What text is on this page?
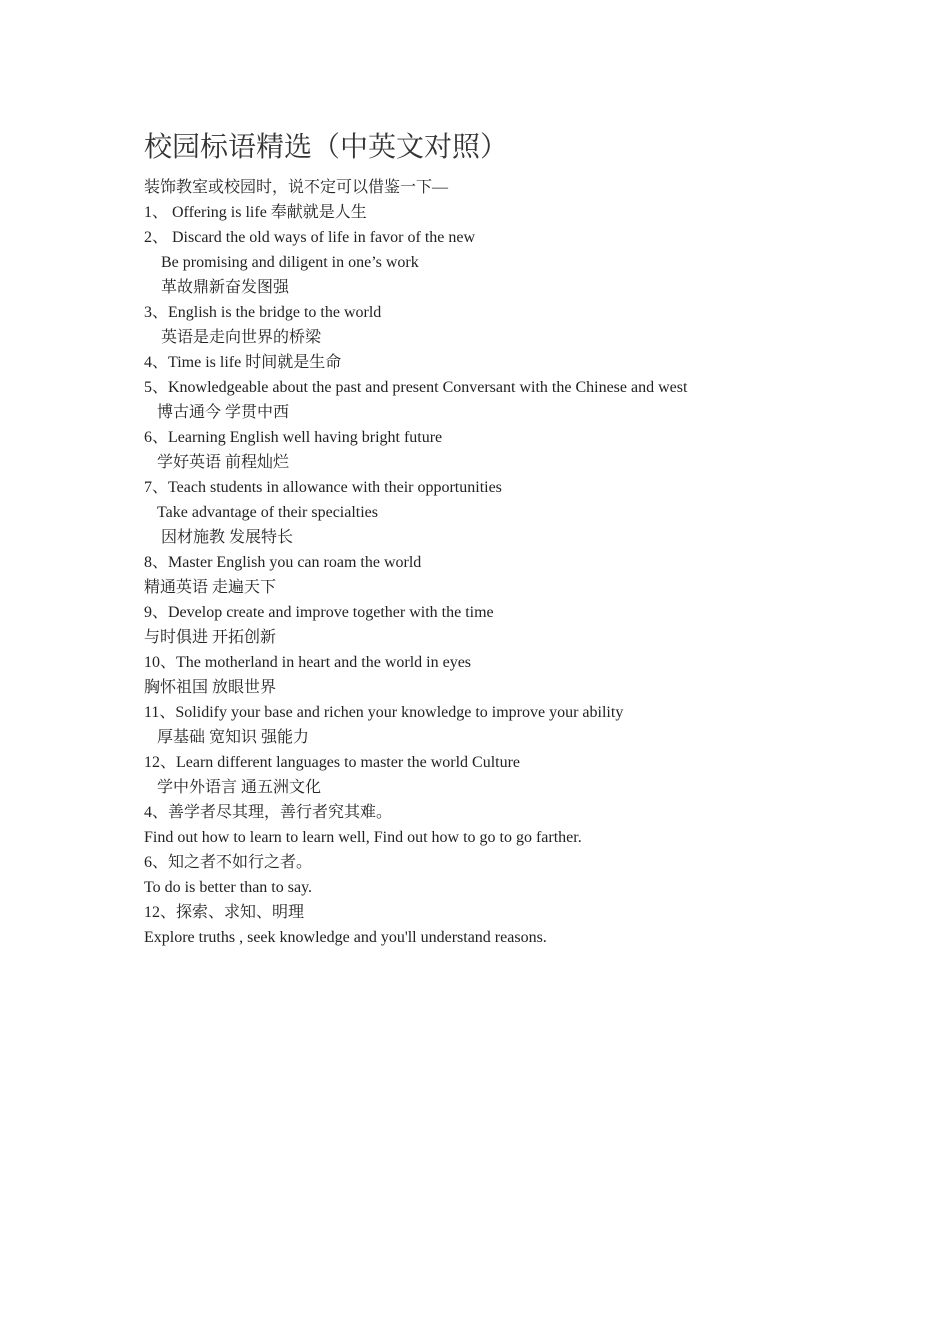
校园标语精选（中英文对照）
装饰教室或校园时，说不定可以借鉴一下—
1、 Offering is life 奉献就是人生
2、 Discard the old ways of life in favor of the new
Be promising and diligent in one’s work
革故鼎新奋发图强
3、English is the bridge to the world
英语是走向世界的桥梁
4、Time is life 时间就是生命
5、Knowledgeable about the past and present Conversant with the Chinese and west
博古通今 学贯中西
6、Learning English well having bright future
学好英语 前程灿烂
7、Teach students in allowance with their opportunities
Take advantage of their specialties
因材施教 发展特长
8、Master English you can roam the world
精通英语 走遍天下
9、Develop create and improve together with the time
与时俱进 开拓创新
10、The motherland in heart and the world in eyes
胸怀祖国 放眼世界
11、Solidify your base and richen your knowledge to improve your ability
厚基础 宽知识 强能力
12、Learn different languages to master the world Culture
学中外语言 通五洲文化
4、善学者尽其理，善行者究其难。
Find out how to learn to learn well, Find out how to go to go farther.
6、知之者不如行之者。
To do is better than to say.
12、探索、求知、明理
Explore truths , seek knowledge and you'll understand reasons.
